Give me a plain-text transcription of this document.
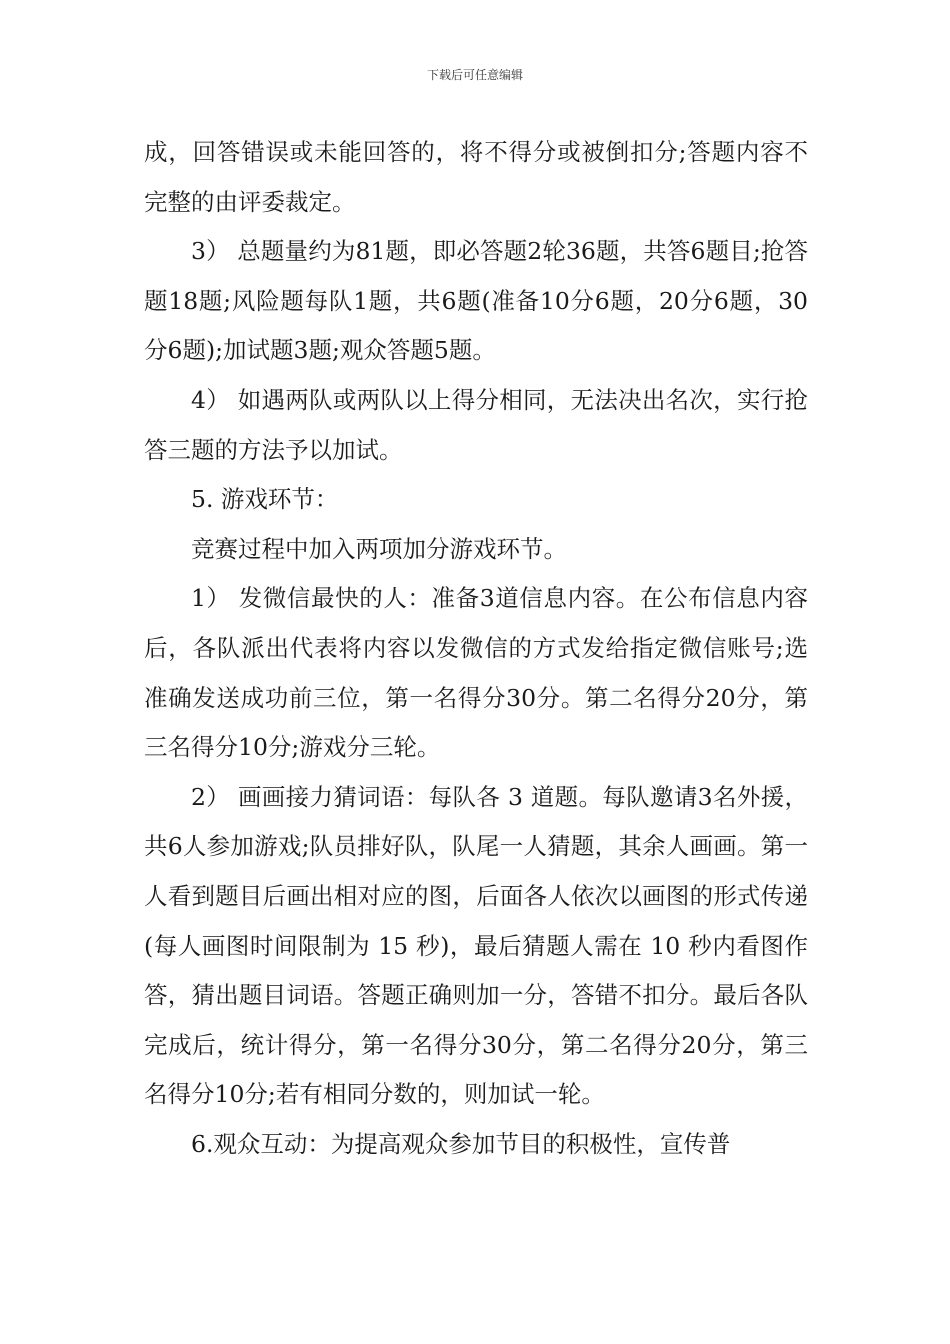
下载后可任意编辑

成，回答错误或未能回答的，将不得分或被倒扣分;答题内容不完整的由评委裁定。

3） 总题量约为81题，即必答题2轮36题，共答6题目;抢答题18题;风险题每队1题，共6题(准备10分6题，20分6题，30分6题);加试题3题;观众答题5题。

4） 如遇两队或两队以上得分相同，无法决出名次，实行抢答三题的方法予以加试。

5. 游戏环节：

竞赛过程中加入两项加分游戏环节。

1） 发微信最快的人：准备3道信息内容。在公布信息内容后，各队派出代表将内容以发微信的方式发给指定微信账号;选准确发送成功前三位，第一名得分30分。第二名得分20分，第三名得分10分;游戏分三轮。

2） 画画接力猜词语：每队各 3 道题。每队邀请3名外援，共6人参加游戏;队员排好队，队尾一人猜题，其余人画画。第一人看到题目后画出相对应的图，后面各人依次以画图的形式传递(每人画图时间限制为 15 秒)，最后猜题人需在 10 秒内看图作答，猜出题目词语。答题正确则加一分，答错不扣分。最后各队完成后，统计得分，第一名得分30分，第二名得分20分，第三名得分10分;若有相同分数的，则加试一轮。

6.观众互动：为提高观众参加节目的积极性，宣传普
